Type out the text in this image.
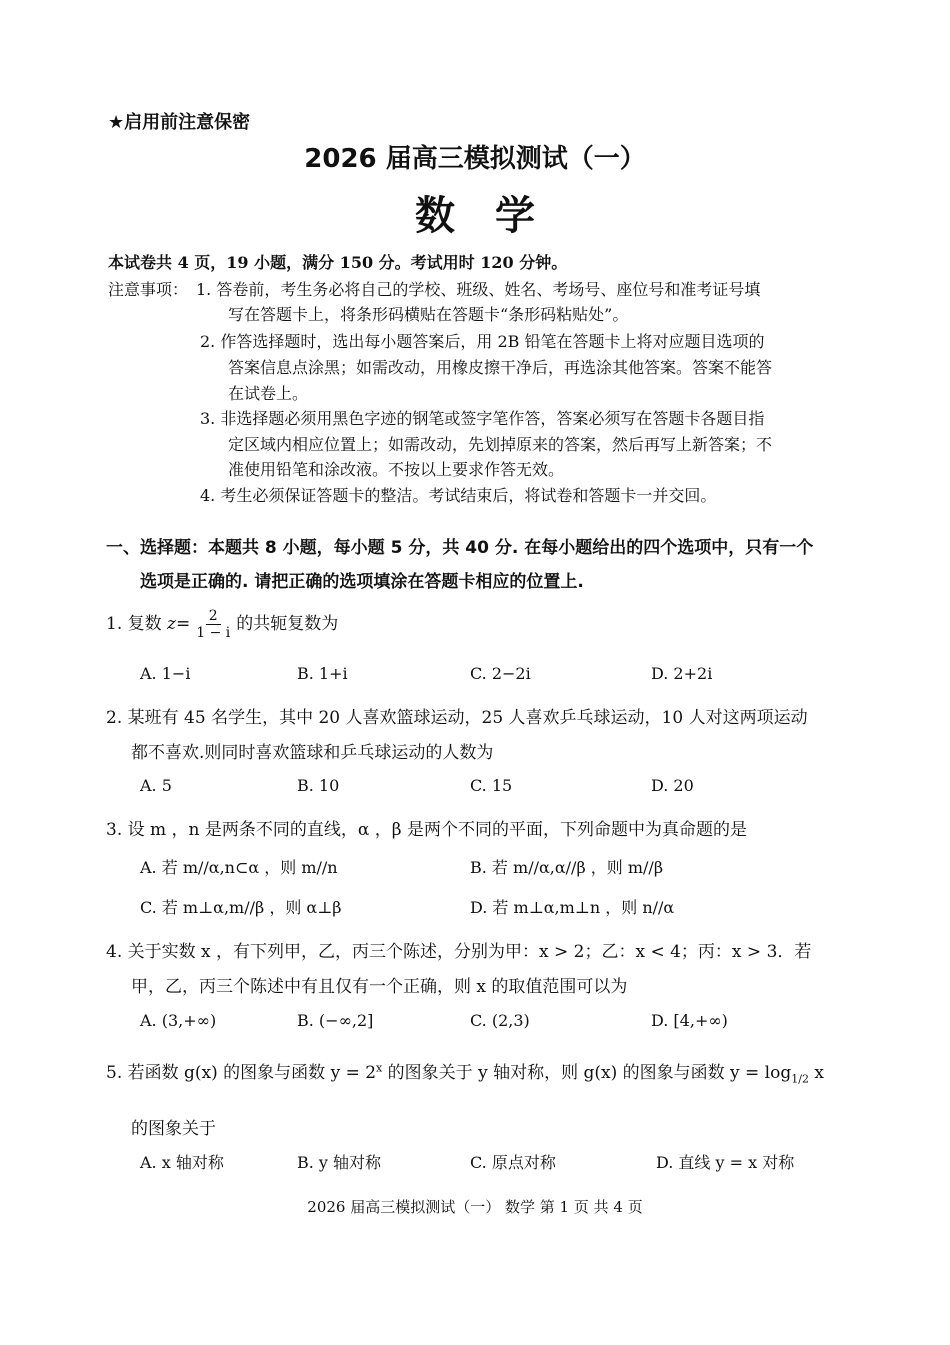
★启用前注意保密
2026 届高三模拟测试（一）
数学
本试卷共 4 页，19 小题，满分 150 分。考试用时 120 分钟。
注意事项： 1. 答卷前，考生务必将自己的学校、班级、姓名、考场号、座位号和准考证号填
写在答题卡上，将条形码横贴在答题卡“条形码粘贴处”。
2. 作答选择题时，选出每小题答案后，用 2B 铅笔在答题卡上将对应题目选项的
答案信息点涂黑；如需改动，用橡皮擦干净后，再选涂其他答案。答案不能答
在试卷上。
3. 非选择题必须用黑色字迹的钢笔或签字笔作答，答案必须写在答题卡各题目指
定区域内相应位置上；如需改动，先划掉原来的答案，然后再写上新答案；不
准使用铅笔和涂改液。不按以上要求作答无效。
4. 考生必须保证答题卡的整洁。考试结束后，将试卷和答题卡一并交回。
一、选择题：本题共 8 小题，每小题 5 分，共 40 分. 在每小题给出的四个选项中，只有一个
选项是正确的. 请把正确的选项填涂在答题卡相应的位置上.
1. 复数 $z= \frac{2}{1 - i}$ 的共轭复数为
A. 1−i	B. 1+i	C. 2−2i	D. 2+2i
2. 某班有 45 名学生，其中 20 人喜欢篮球运动，25 人喜欢乒乓球运动，10 人对这两项运动
都不喜欢.则同时喜欢篮球和乒乓球运动的人数为
A. 5	B. 10	C. 15	D. 20
3. 设 m ，n 是两条不同的直线，α ，β 是两个不同的平面，下列命题中为真命题的是
A. 若 m//α,n⊂α ，则 m//n	B. 若 m//α,α//β ，则 m//β
C. 若 m⊥α,m//β ，则 α⊥β	D. 若 m⊥α,m⊥n ，则 n//α
4. 关于实数 x ，有下列甲，乙，丙三个陈述，分别为甲：x > 2；乙：x < 4；丙：x > 3．若
甲，乙，丙三个陈述中有且仅有一个正确，则 x 的取值范围可以为
A. (3,+∞)	B. (−∞,2]	C. (2,3)	D. [4,+∞)
5. 若函数 g(x) 的图象与函数 $y = 2^x$ 的图象关于 y 轴对称，则 g(x) 的图象与函数 $y = \log_{1/2} x$
的图象关于
A. x 轴对称	B. y 轴对称	C. 原点对称	D. 直线 y = x 对称
2026 届高三模拟测试（一） 数学 第 1 页 共 4 页
